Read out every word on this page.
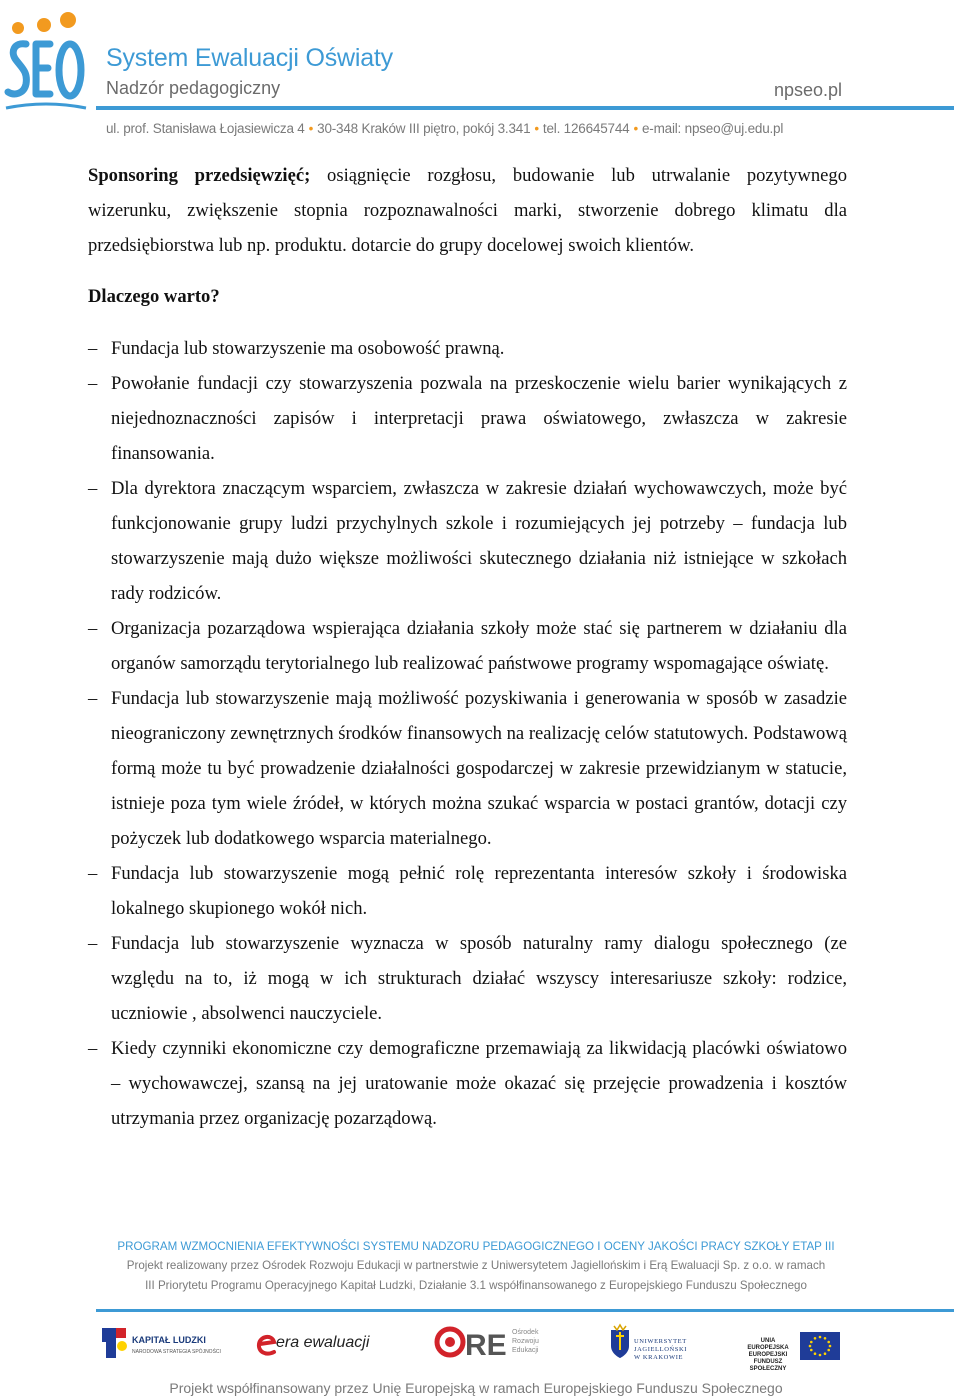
System Ewaluacji Oświaty
Nadzór pedagogiczny	npseo.pl
ul. prof. Stanisława Łojasiewicza 4 • 30-348 Kraków III piętro, pokój 3.341 • tel. 126645744 • e-mail: npseo@uj.edu.pl

Sponsoring przedsięwzięć; osiągnięcie rozgłosu, budowanie lub utrwalanie pozytywnego wizerunku, zwiększenie stopnia rozpoznawalności marki, stworzenie dobrego klimatu dla przedsiębiorstwa lub np. produktu. dotarcie do grupy docelowej swoich klientów.

Dlaczego warto?

– Fundacja lub stowarzyszenie ma osobowość prawną.
– Powołanie fundacji czy stowarzyszenia pozwala na przeskoczenie wielu barier wynikających z niejednoznaczności zapisów i interpretacji prawa oświatowego, zwłaszcza w zakresie finansowania.
– Dla dyrektora znaczącym wsparciem, zwłaszcza w zakresie działań wychowawczych, może być funkcjonowanie grupy ludzi przychylnych szkole i rozumiejących jej potrzeby – fundacja lub stowarzyszenie mają dużo większe możliwości skutecznego działania niż istniejące w szkołach rady rodziców.
– Organizacja pozarządowa wspierająca działania szkoły może stać się partnerem w działaniu dla organów samorządu terytorialnego lub realizować państwowe programy wspomagające oświatę.
– Fundacja lub stowarzyszenie mają możliwość pozyskiwania i generowania w sposób w zasadzie nieograniczony zewnętrznych środków finansowych na realizację celów statutowych. Podstawową formą może tu być prowadzenie działalności gospodarczej w zakresie przewidzianym w statucie, istnieje poza tym wiele źródeł, w których można szukać wsparcia w postaci grantów, dotacji czy pożyczek lub dodatkowego wsparcia materialnego.
– Fundacja lub stowarzyszenie mogą pełnić rolę reprezentanta interesów szkoły i środowiska lokalnego skupionego wokół nich.
– Fundacja lub stowarzyszenie wyznacza w sposób naturalny ramy dialogu społecznego (ze względu na to, iż mogą w ich strukturach działać wszyscy interesariusze szkoły: rodzice, uczniowie , absolwenci nauczyciele.
– Kiedy czynniki ekonomiczne czy demograficzne przemawiają za likwidacją placówki oświatowo – wychowawczej, szansą na jej uratowanie może okazać się przejęcie prowadzenia i kosztów utrzymania przez organizację pozarządową.
PROGRAM WZMOCNIENIA EFEKTYWNOŚCI SYSTEMU NADZORU PEDAGOGICZNEGO I OCENY JAKOŚCI PRACY SZKOŁY ETAP III
Projekt realizowany przez Ośrodek Rozwoju Edukacji w partnerstwie z Uniwersytetem Jagiellońskim i Erą Ewaluacji Sp. z o.o. w ramach
III Priorytetu Programu Operacyjnego Kapitał Ludzki, Działanie 3.1 współfinansowanego z Europejskiego Funduszu Społecznego
KAPITAŁ LUDZKI
NARODOWA STRATEGIA SPÓJNOŚCI
era ewaluacji	RE Ośrodek
Rozwoju
Edukacji
UNIWERSYTET
JAGIELLOŃSKI
W KRAKOWIE
UNIA EUROPEJSKA
EUROPEJSKI
FUNDUSZ SPOŁECZNY
Projekt współfinansowany przez Unię Europejską w ramach Europejskiego Funduszu Społecznego
